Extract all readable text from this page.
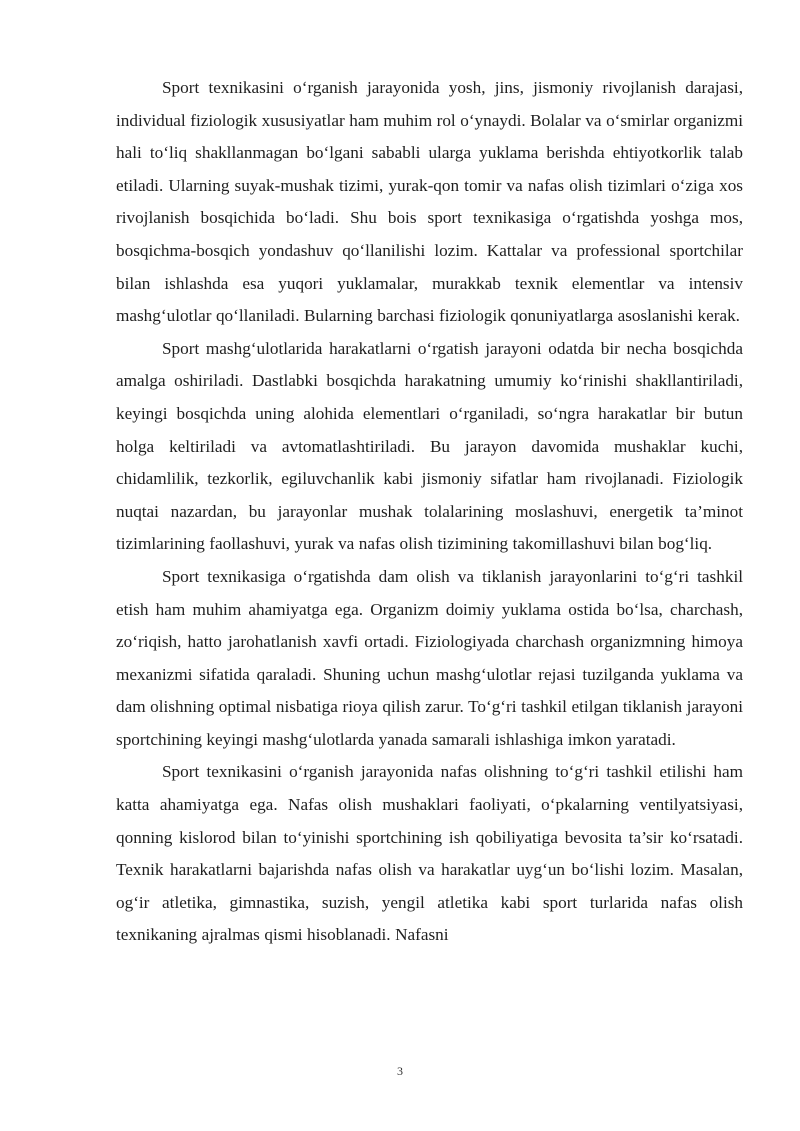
Sport texnikasini o‘rganish jarayonida yosh, jins, jismoniy rivojlanish darajasi, individual fiziologik xususiyatlar ham muhim rol o‘ynaydi. Bolalar va o‘smirlar organizmi hali to‘liq shakllanmagan bo‘lgani sababli ularga yuklama berishda ehtiyotkorlik talab etiladi. Ularning suyak-mushak tizimi, yurak-qon tomir va nafas olish tizimlari o‘ziga xos rivojlanish bosqichida bo‘ladi. Shu bois sport texnikasiga o‘rgatishda yoshga mos, bosqichma-bosqich yondashuv qo‘llanilishi lozim. Kattalar va professional sportchilar bilan ishlashda esa yuqori yuklamalar, murakkab texnik elementlar va intensiv mashg‘ulotlar qo‘llaniladi. Bularning barchasi fiziologik qonuniyatlarga asoslanishi kerak.

Sport mashg‘ulotlarida harakatlarni o‘rgatish jarayoni odatda bir necha bosqichda amalga oshiriladi. Dastlabki bosqichda harakatning umumiy ko‘rinishi shakllantiriladi, keyingi bosqichda uning alohida elementlari o‘rganiladi, so‘ngra harakatlar bir butun holga keltiriladi va avtomatlashtiriladi. Bu jarayon davomida mushaklar kuchi, chidamlilik, tezkorlik, egiluvchanlik kabi jismoniy sifatlar ham rivojlanadi. Fiziologik nuqtai nazardan, bu jarayonlar mushak tolalarining moslashuvi, energetik ta’minot tizimlarining faollashuvi, yurak va nafas olish tizimining takomillashuvi bilan bog‘liq.

Sport texnikasiga o‘rgatishda dam olish va tiklanish jarayonlarini to‘g‘ri tashkil etish ham muhim ahamiyatga ega. Organizm doimiy yuklama ostida bo‘lsa, charchash, zo‘riqish, hatto jarohatlanish xavfi ortadi. Fiziologiyada charchash organizmning himoya mexanizmi sifatida qaraladi. Shuning uchun mashg‘ulotlar rejasi tuzilganda yuklama va dam olishning optimal nisbatiga rioya qilish zarur. To‘g‘ri tashkil etilgan tiklanish jarayoni sportchining keyingi mashg‘ulotlarda yanada samarali ishlashiga imkon yaratadi.

Sport texnikasini o‘rganish jarayonida nafas olishning to‘g‘ri tashkil etilishi ham katta ahamiyatga ega. Nafas olish mushaklari faoliyati, o‘pkalarning ventilyatsiyasi, qonning kislorod bilan to‘yinishi sportchining ish qobiliyatiga bevosita ta’sir ko‘rsatadi. Texnik harakatlarni bajarishda nafas olish va harakatlar uyg‘un bo‘lishi lozim. Masalan, og‘ir atletika, gimnastika, suzish, yengil atletika kabi sport turlarida nafas olish texnikaning ajralmas qismi hisoblanadi. Nafasni

3
